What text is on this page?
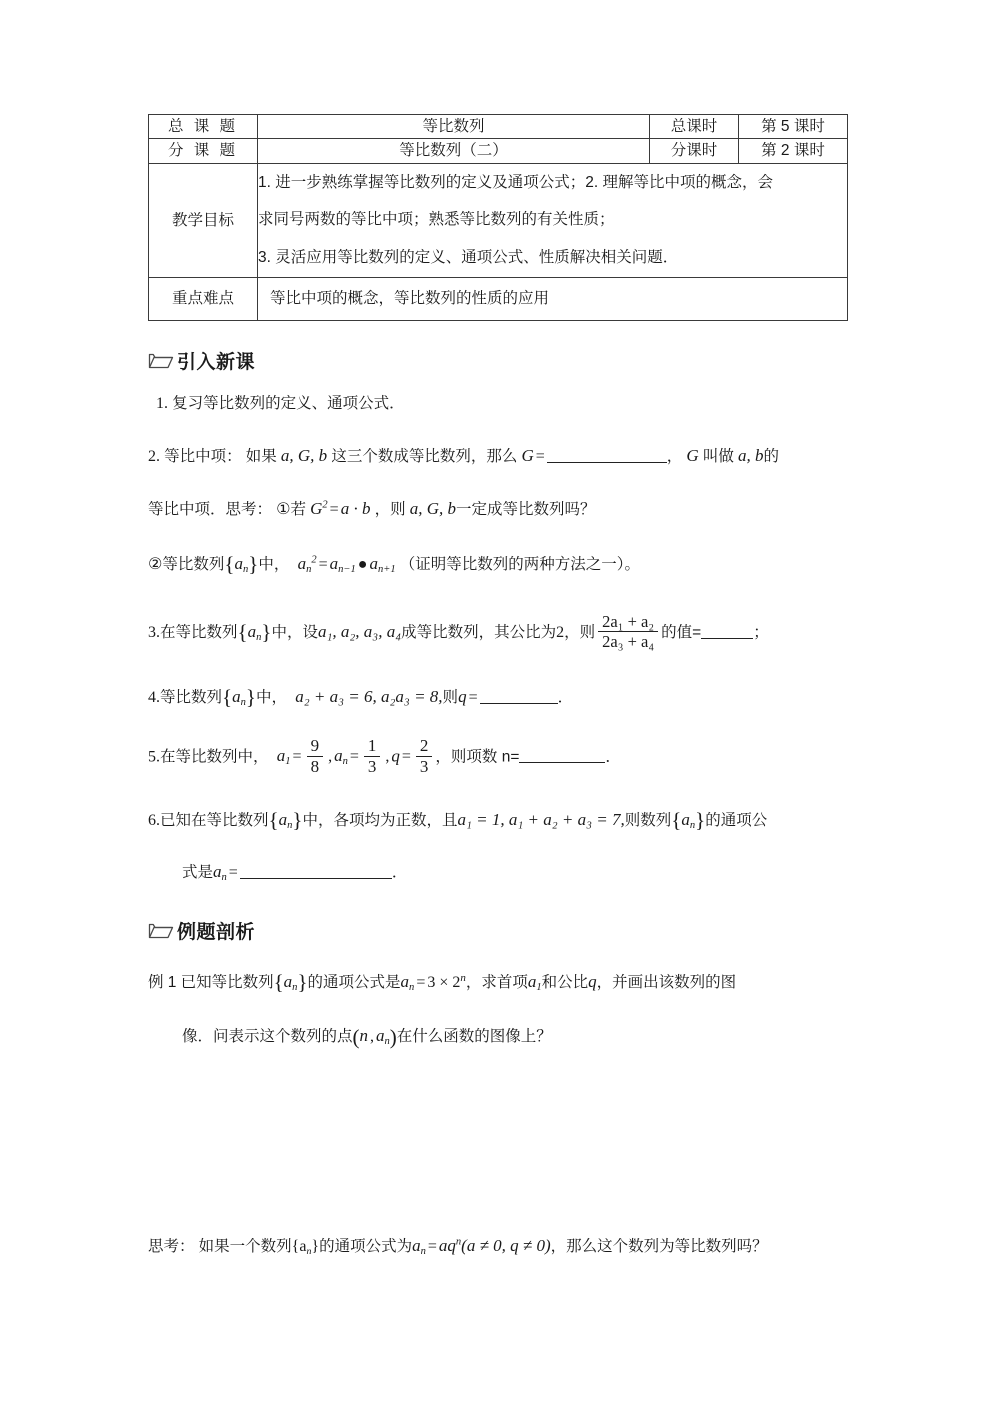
总 课 题	等比数列	总课时	第 5 课时
分 课 题	等比数列（二）	分课时	第 2 课时
教学目标	1. 进一步熟练掌握等比数列的定义及通项公式；2. 理解等比中项的概念，会
求同号两数的等比中项；熟悉等比数列的有关性质；
3. 灵活应用等比数列的定义、通项公式、性质解决相关问题．		

重点难点	等比中项的概念，等比数列的性质的应用		
引入新课
1. 复习等比数列的定义、通项公式．
2. 等比中项： 如果 a, G, b 这三个数成等比数列，那么 G =	， G 叫做 a, b的
等比中项．思考： ①若 $G^2 = a \cdot b$ ，则 a, G, b一定成等比数列吗？
②等比数列$\{a_n\}$中， $a_n^2 = a_{n-1}$ ● $a_{n+1}$ （证明等比数列的两种方法之一）。
3.在等比数列$\{a_n\}$中，设a₁, a₂, a₃, a₄成等比数列，其公比为2，则 $\frac{\text{2a₁ + a₂}}{\text{2a₃ + a₄}}$ 的值=	；
4.等比数列$\{a_n\}$中， a₂ + a₃ = 6, a₂a₃ = 8,则q =	．
5.在等比数列中， $a_1 = \frac{9}{8}$ , $a_n = \frac{1}{3}$ , $q = \frac{2}{3}$ ，则项数 n=	．
6.已知在等比数列$\{a_n\}$中，各项均为正数，且a₁ = 1, a₁ + a₂ + a₃ = 7,则数列$\{a_n\}$的通项公
式是$a_n$ =	．
例题剖析
例 1 已知等比数列$\{a_n\}$的通项公式是$a_n = 3 \times 2^n$，求首项$a_1$和公比q，并画出该数列的图
像．问表示这个数列的点(n , $a_n$)在什么函数的图像上？
思考： 如果一个数列$\{a_n\}$的通项公式为$a_n = aq^n(a \ne 0$, q ≠ 0)，那么这个数列为等比数列吗？
